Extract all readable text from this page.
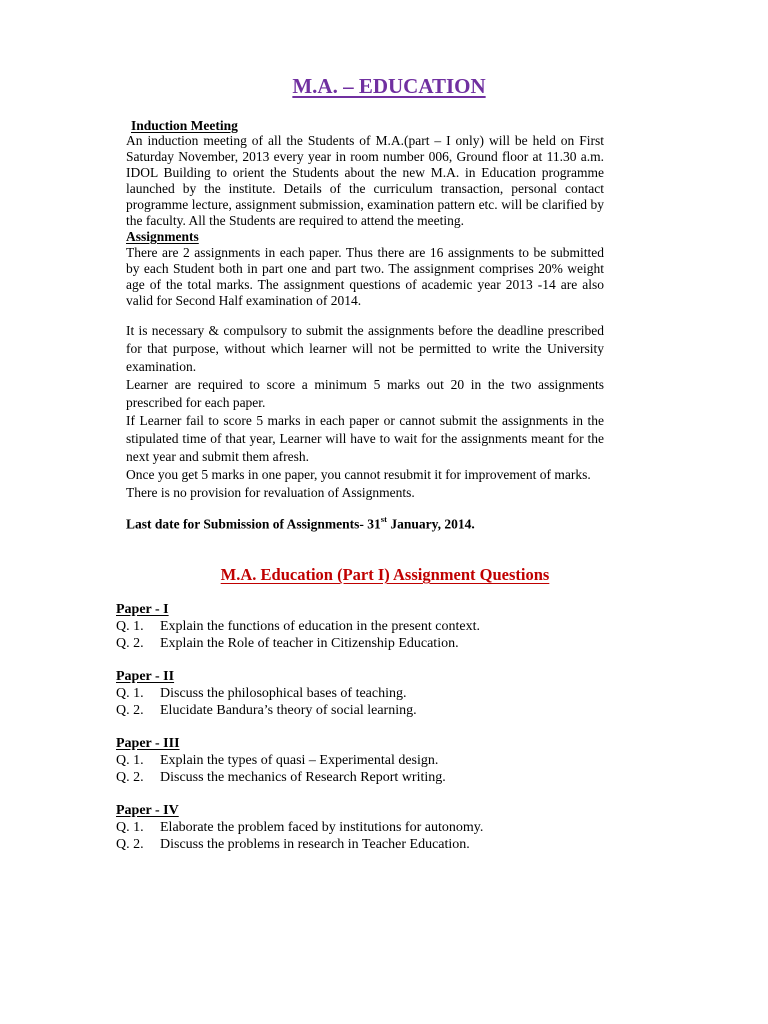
M.A. – EDUCATION
Induction Meeting

An induction meeting of all the Students of M.A.(part – I only) will be held on First Saturday November, 2013 every year in room number 006, Ground floor at 11.30 a.m. IDOL Building to orient the Students about the new M.A. in Education programme launched by the institute. Details of the curriculum transaction, personal contact programme lecture, assignment submission, examination pattern etc. will be clarified by the faculty. All the Students are required to attend the meeting.

Assignments

There are 2 assignments in each paper. Thus there are 16 assignments to be submitted by each Student both in part one and part two. The assignment comprises 20% weight age of the total marks. The assignment questions of academic year 2013 -14 are also valid for Second Half examination of 2014.

It is necessary & compulsory to submit the assignments before the deadline prescribed for that purpose, without which learner will not be permitted to write the University examination.

Learner are required to score a minimum 5 marks out 20 in the two assignments prescribed for each paper.

If Learner fail to score 5 marks in each paper or cannot submit the assignments in the stipulated time of that year, Learner will have to wait for the assignments meant for the next year and submit them afresh.

Once you get 5 marks in one paper, you cannot resubmit it for improvement of marks.

There is no provision for revaluation of Assignments.

Last date for Submission of Assignments- 31st January, 2014.
M.A. Education (Part I) Assignment Questions
Paper - I
Q. 1.	Explain the functions of education in the present context.
Q. 2.	Explain the Role of teacher in Citizenship Education.
Paper - II
Q. 1.	Discuss the philosophical bases of teaching.
Q. 2.	Elucidate Bandura’s theory of social learning.
Paper - III
Q. 1.	Explain the types of quasi – Experimental design.
Q. 2.	Discuss the mechanics of Research Report writing.
Paper - IV
Q. 1.	Elaborate the problem faced by institutions for autonomy.
Q. 2.	Discuss the problems in research in Teacher Education.
